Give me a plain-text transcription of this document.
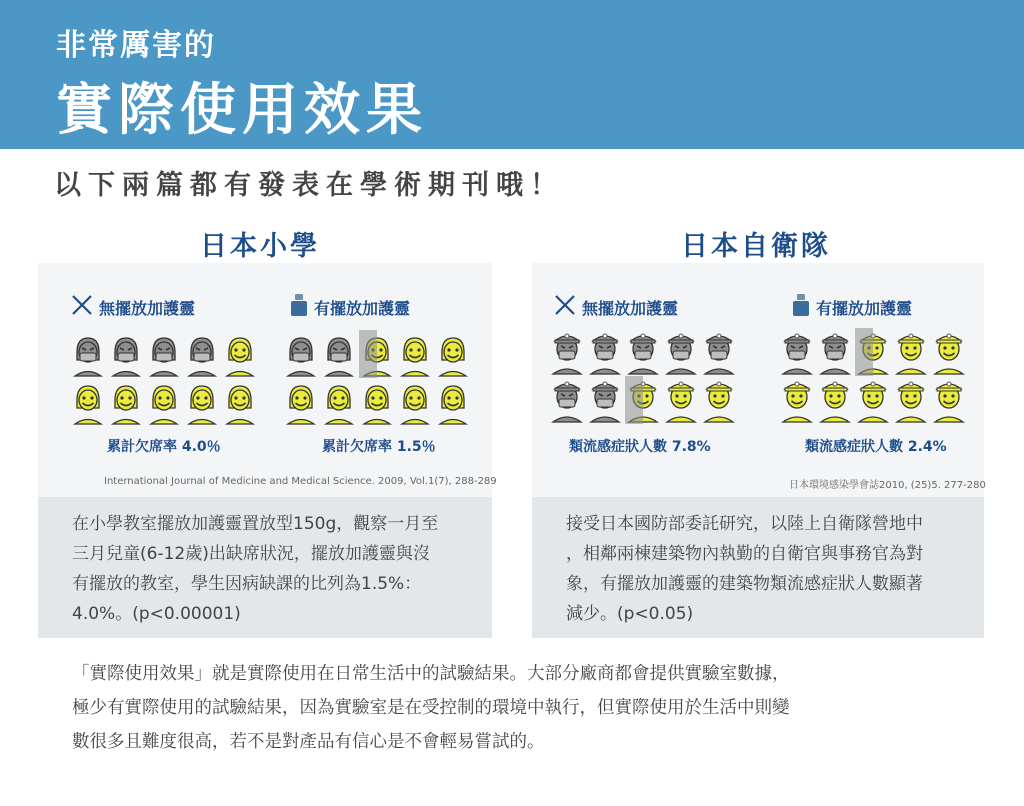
非常厲害的
實際使用效果
以下兩篇都有發表在學術期刊哦！
日本小學	日本自衛隊
無擺放加護靈	有擺放加護靈
累計欠席率 4.0％	累計欠席率 1.5％
International Journal of Medicine and Medical Science. 2009, Vol.1(7), 288-289
無擺放加護靈	有擺放加護靈
類流感症狀人數 7.8%	類流感症狀人數 2.4%
日本環境感染學會誌2010, (25)5. 277-280

在小學教室擺放加護靈置放型150g，觀察一月至
三月兒童(6-12歲)出缺席狀況，擺放加護靈與沒
有擺放的教室，學生因病缺課的比列為1.5%：
4.0%。(p<0.00001)

接受日本國防部委託研究，以陸上自衛隊營地中
，相鄰兩棟建築物內執勤的自衛官與事務官為對
象，有擺放加護靈的建築物類流感症狀人數顯著
減少。(p<0.05)

「實際使用效果」就是實際使用在日常生活中的試驗結果。大部分廠商都會提供實驗室數據，
極少有實際使用的試驗結果，因為實驗室是在受控制的環境中執行，但實際使用於生活中則變
數很多且難度很高，若不是對產品有信心是不會輕易嘗試的。
